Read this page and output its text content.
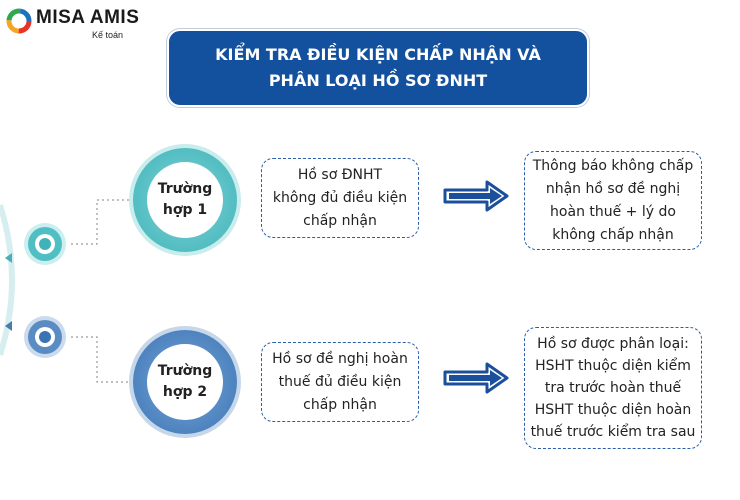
MISA AMIS
Kế toán
KIỂM TRA ĐIỀU KIỆN CHẤP NHẬN VÀ
PHÂN LOẠI HỒ SƠ ĐNHT
Trường
hợp 1
Hồ sơ ĐNHT
không đủ điều kiện
chấp nhận
Thông báo không chấp
nhận hồ sơ đề nghị
hoàn thuế + lý do
không chấp nhận
Trường
hợp 2
Hồ sơ đề nghị hoàn
thuế đủ điều kiện
chấp nhận
Hồ sơ được phân loại:
HSHT thuộc diện kiểm
tra trước hoàn thuế
HSHT thuộc diện hoàn
thuế trước kiểm tra sau
